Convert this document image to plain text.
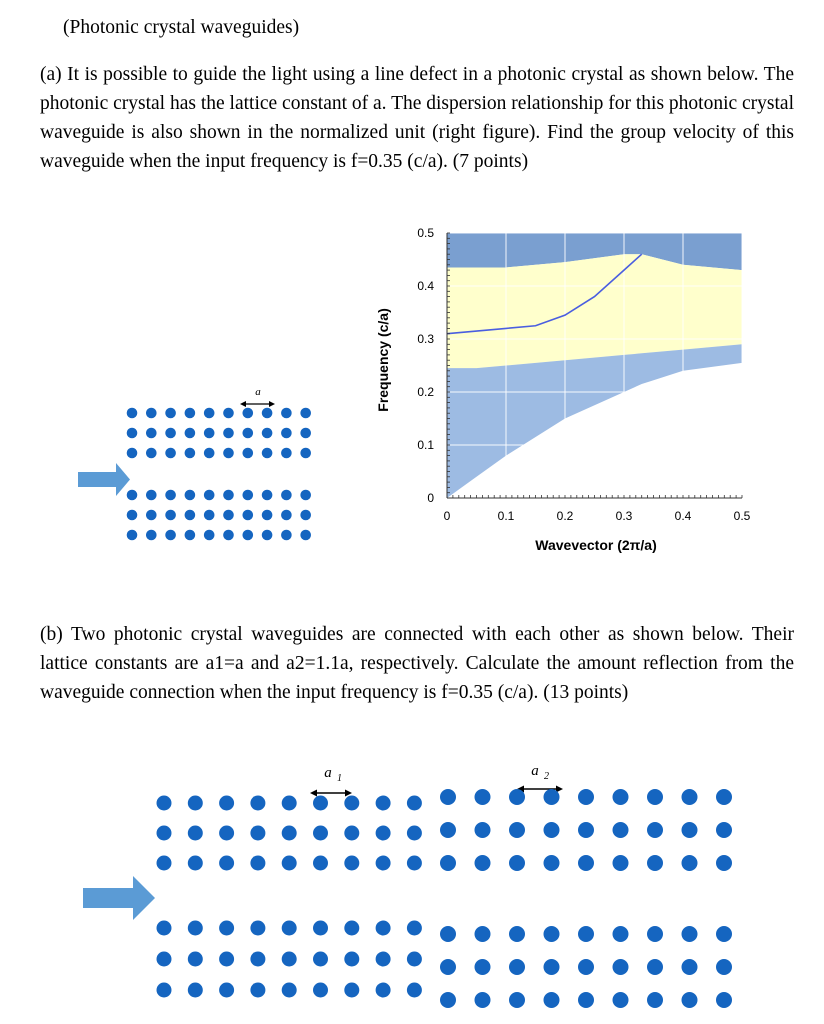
(Photonic crystal waveguides)
(a) It is possible to guide the light using a line defect in a photonic crystal as shown below. The photonic crystal has the lattice constant of a. The dispersion relationship for this photonic crystal waveguide is also shown in the normalized unit (right figure). Find the group velocity of this waveguide when the input frequency is f=0.35 (c/a). (7 points)
a	Frequency (c/a)
Wavevector (2π/a)
0	0.1	0.2	0.3	0.4	0.5
0
0.1
0.2
0.3
0.4
0.5
(b) Two photonic crystal waveguides are connected with each other as shown below. Their lattice constants are a1=a and a2=1.1a, respectively. Calculate the amount reflection from the waveguide connection when the input frequency is f=0.35 (c/a). (13 points)
a 1	a 2
